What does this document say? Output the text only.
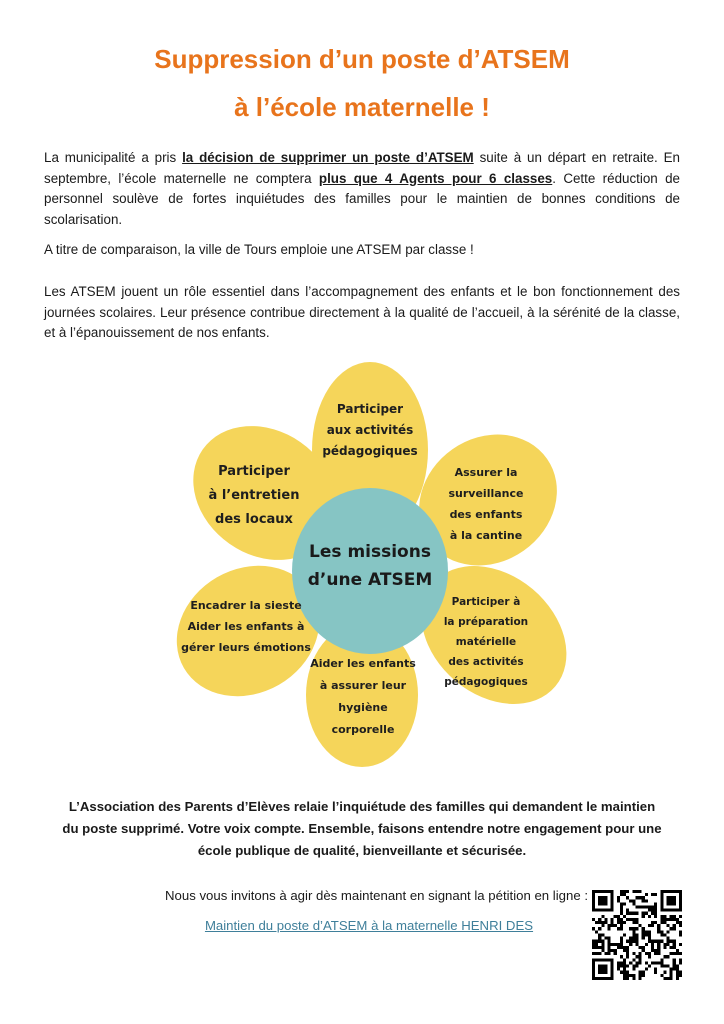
Suppression d’un poste d’ATSEM
à l’école maternelle !
La municipalité a pris la décision de supprimer un poste d’ATSEM suite à un départ en retraite. En septembre, l’école maternelle ne comptera plus que 4 Agents pour 6 classes. Cette réduction de personnel soulève de fortes inquiétudes des familles pour le maintien de bonnes conditions de scolarisation.
A titre de comparaison, la ville de Tours emploie une ATSEM par classe !
Les ATSEM jouent un rôle essentiel dans l’accompagnement des enfants et le bon fonctionnement des journées scolaires. Leur présence contribue directement à la qualité de l’accueil, à la sérénité de la classe, et à l’épanouissement de nos enfants.
Les missions
d’une ATSEM
Participer
aux activités
pédagogiques
Assurer la
surveillance
des enfants
à la cantine
Participer à
la préparation
matérielle
des activités
pédagogiques
Aider les enfants
à assurer leur
hygiène
corporelle
Encadrer la sieste
Aider les enfants à
gérer leurs émotions
Participer
à l’entretien
des locaux
L’Association des Parents d’Elèves relaie l’inquiétude des familles qui demandent le maintien
du poste supprimé. Votre voix compte. Ensemble, faisons entendre notre engagement pour une
école publique de qualité, bienveillante et sécurisée.
Nous vous invitons à agir dès maintenant en signant la pétition en ligne :
Maintien du poste d’ATSEM à la maternelle HENRI DES
